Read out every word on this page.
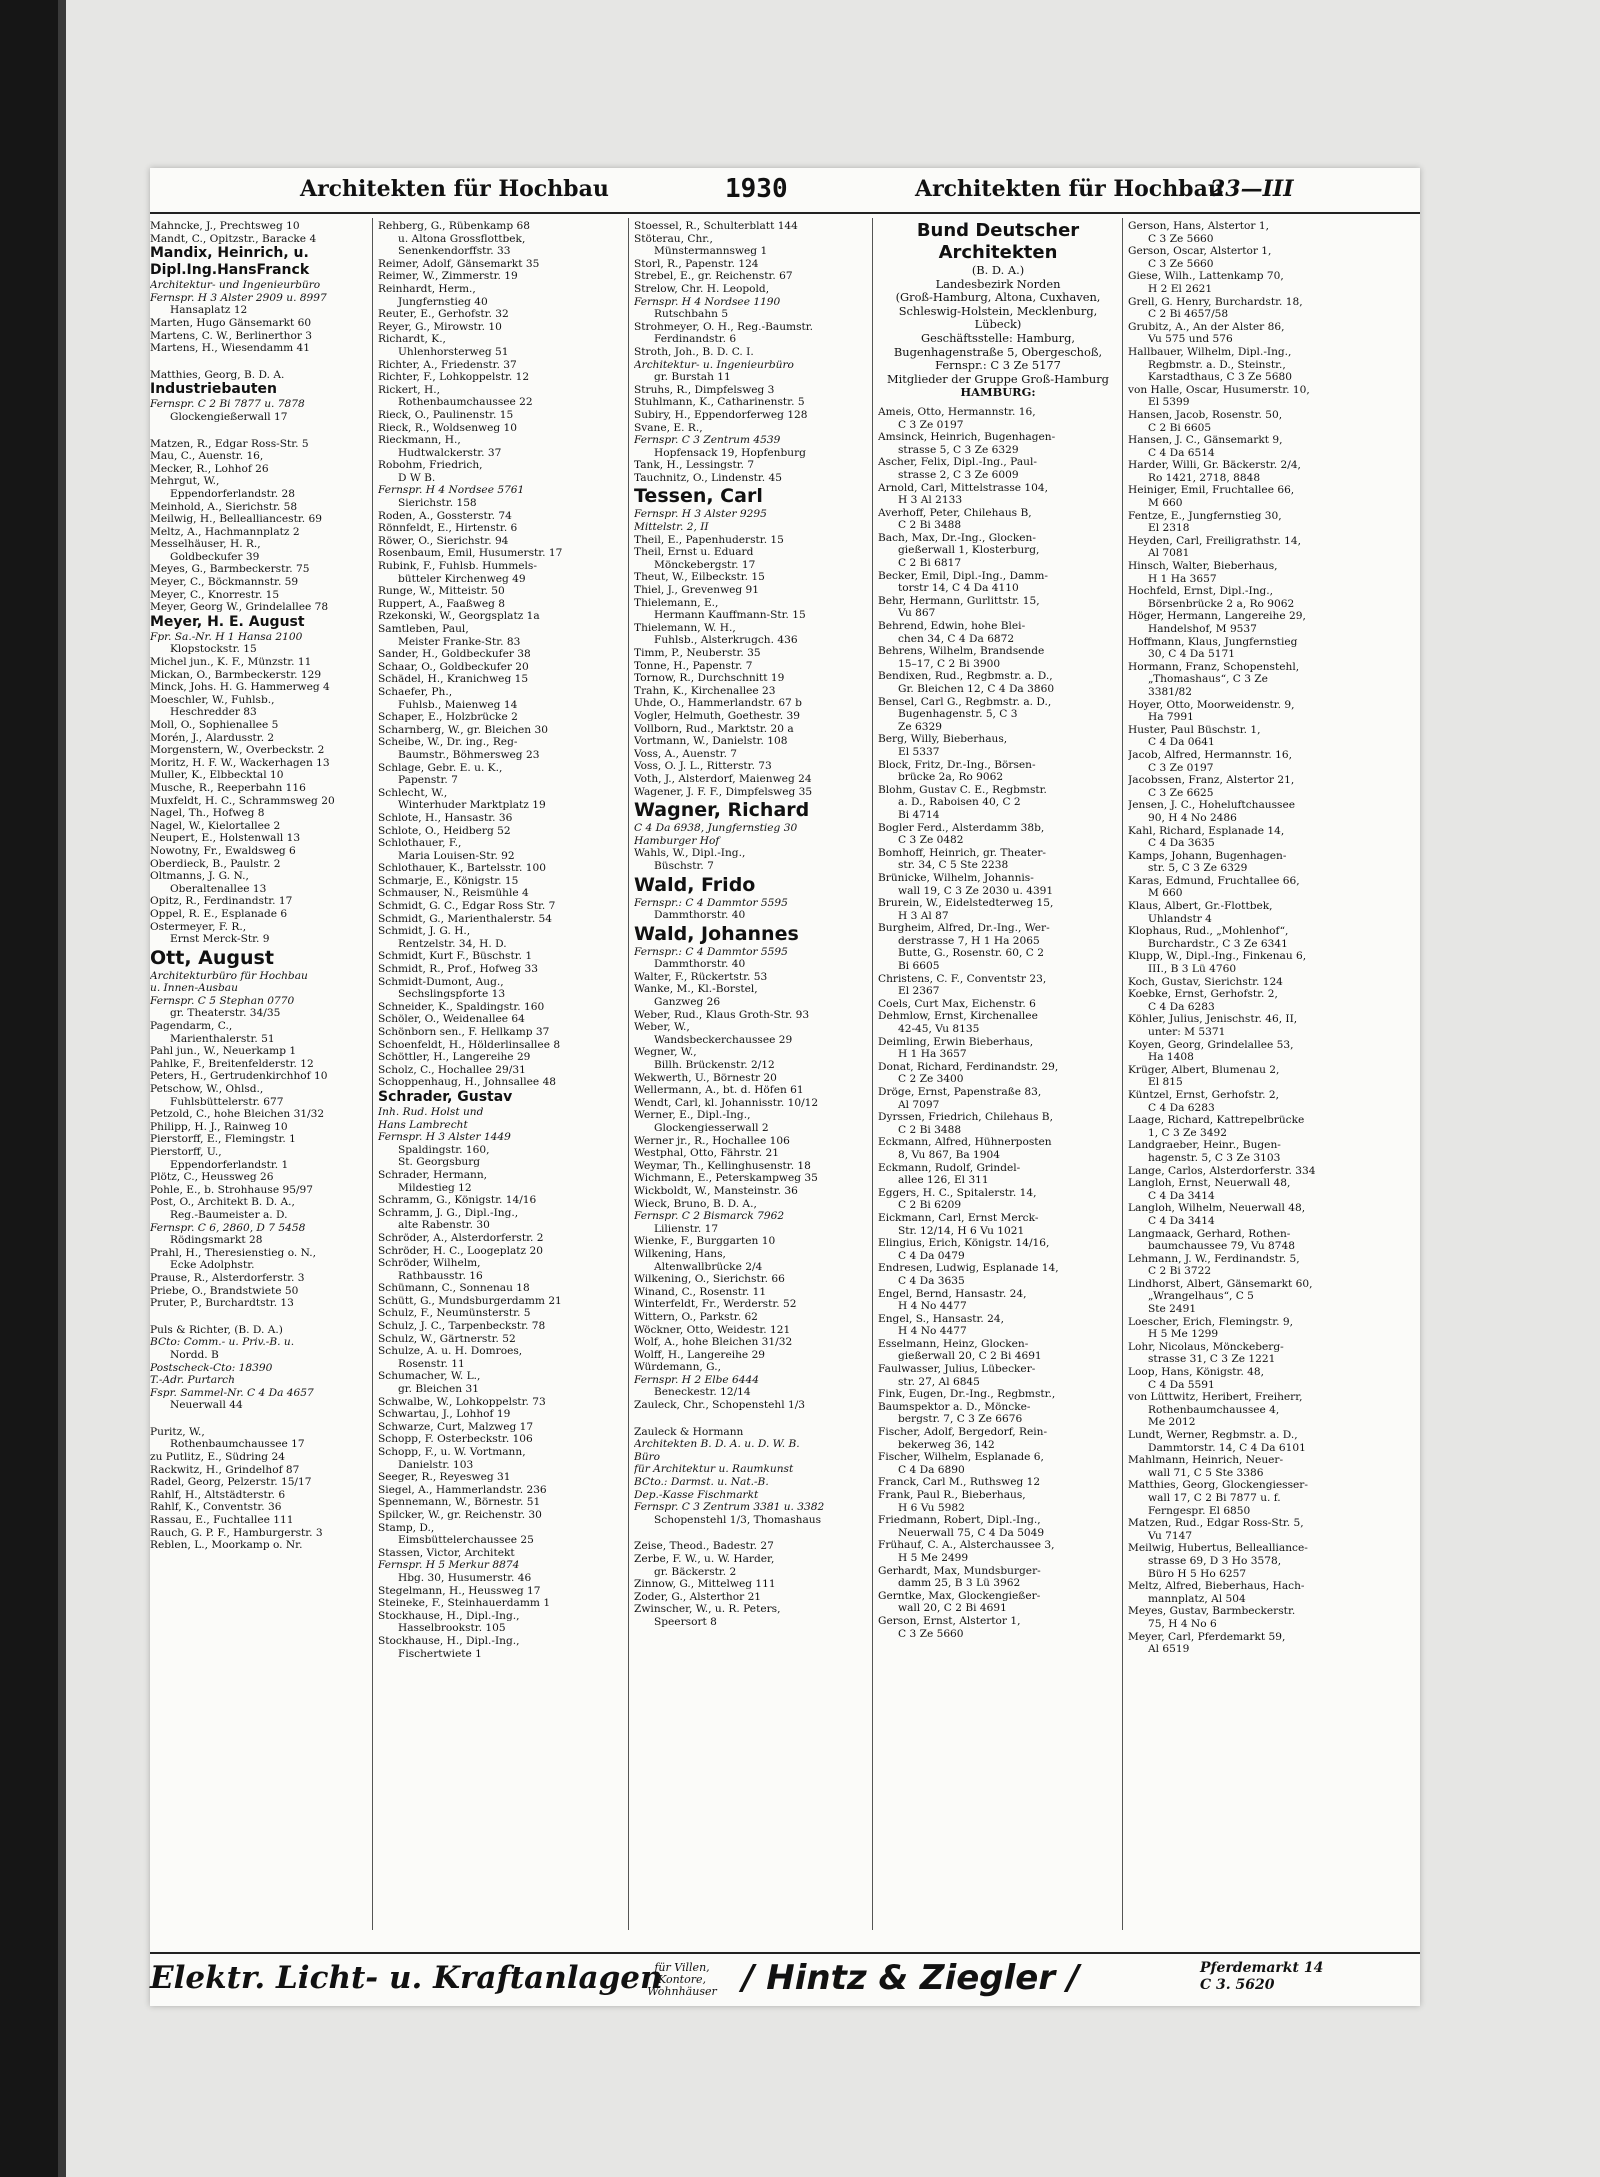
Architekten für Hochbau	1930	Architekten für Hochbau
23—III
Mahncke, J., Prechtsweg 10
Mandt, C., Opitzstr., Baracke 4
Mandix, Heinrich, u.
Dipl.Ing.HansFranck
Architektur- und Ingenieurbüro
Fernspr. H 3 Alster 2909 u. 8997
Hansaplatz 12
Marten, Hugo Gänsemarkt 60
Martens, C. W., Berlinerthor 3
Martens, H., Wiesendamm 41
Matthies, Georg, B. D. A.
Industriebauten
Fernspr. C 2 Bi 7877 u. 7878
Glockengießerwall 17
Matzen, R., Edgar Ross-Str. 5
Mau, C., Auenstr. 16,
Mecker, R., Lohhof 26
Mehrgut, W.,
Eppendorferlandstr. 28
Meinhold, A., Sierichstr. 58
Meilwig, H., Bellealliancestr. 69
Meltz, A., Hachmannplatz 2
Messelhäuser, H. R.,
Goldbeckufer 39
Meyes, G., Barmbeckerstr. 75
Meyer, C., Böckmannstr. 59
Meyer, C., Knorrestr. 15
Meyer, Georg W., Grindelallee 78
Meyer, H. E. August
Fpr. Sa.-Nr. H 1 Hansa 2100
Klopstockstr. 15
Michel jun., K. F., Münzstr. 11
Mickan, O., Barmbeckerstr. 129
Minck, Johs. H. G. Hammerweg 4
Moeschler, W., Fuhlsb.,
Heschredder 83
Moll, O., Sophienallee 5
Morén, J., Alardusstr. 2
Morgenstern, W., Overbeckstr. 2
Moritz, H. F. W., Wackerhagen 13
Muller, K., Elbbecktal 10
Musche, R., Reeperbahn 116
Muxfeldt, H. C., Schrammsweg 20
Nagel, Th., Hofweg 8
Nagel, W., Kielortallee 2
Neupert, E., Holstenwall 13
Nowotny, Fr., Ewaldsweg 6
Oberdieck, B., Paulstr. 2
Oltmanns, J. G. N.,
Oberaltenallee 13
Opitz, R., Ferdinandstr. 17
Oppel, R. E., Esplanade 6
Ostermeyer, F. R.,
Ernst Merck-Str. 9
Ott, August
Architekturbüro für Hochbau
u. Innen-Ausbau
Fernspr. C 5 Stephan 0770
gr. Theaterstr. 34/35
Pagendarm, C.,
Marienthalerstr. 51
Pahl jun., W., Neuerkamp 1
Pahlke, F., Breitenfelderstr. 12
Peters, H., Gertrudenkirchhof 10
Petschow, W., Ohlsd.,
Fuhlsbüttelerstr. 677
Petzold, C., hohe Bleichen 31/32
Philipp, H. J., Rainweg 10
Pierstorff, E., Flemingstr. 1
Pierstorff, U.,
Eppendorferlandstr. 1
Plötz, C., Heussweg 26
Pohle, E., b. Strohhause 95/97
Post, O., Architekt B. D. A.,
Reg.-Baumeister a. D.
Fernspr. C 6, 2860, D 7 5458
Rödingsmarkt 28
Prahl, H., Theresienstieg o. N.,
Ecke Adolphstr.
Prause, R., Alsterdorferstr. 3
Priebe, O., Brandstwiete 50
Pruter, P., Burchardtstr. 13
Puls & Richter, (B. D. A.)
BCto: Comm.- u. Priv.-B. u.
Nordd. B
Postscheck-Cto: 18390
T.-Adr. Purtarch
Fspr. Sammel-Nr. C 4 Da 4657
Neuerwall 44
Puritz, W.,
Rothenbaumchaussee 17
zu Putlitz, E., Südring 24
Rackwitz, H., Grindelhof 87
Radel, Georg, Pelzerstr. 15/17
Rahlf, H., Altstädterstr. 6
Rahlf, K., Conventstr. 36
Rassau, E., Fuchtallee 111
Rauch, G. P. F., Hamburgerstr. 3
Reblen, L., Moorkamp o. Nr.
Rehberg, G., Rübenkamp 68
u. Altona Grossflottbek,
Senenkendorffstr. 33
Reimer, Adolf, Gänsemarkt 35
Reimer, W., Zimmerstr. 19
Reinhardt, Herm.,
Jungfernstieg 40
Reuter, E., Gerhofstr. 32
Reyer, G., Mirowstr. 10
Richardt, K.,
Uhlenhorsterweg 51
Richter, A., Friedenstr. 37
Richter, F., Lohkoppelstr. 12
Rickert, H.,
Rothenbaumchaussee 22
Rieck, O., Paulinenstr. 15
Rieck, R., Woldsenweg 10
Rieckmann, H.,
Hudtwalckerstr. 37
Robohm, Friedrich,
D W B.
Fernspr. H 4 Nordsee 5761
Sierichstr. 158
Roden, A., Gossterstr. 74
Rönnfeldt, E., Hirtenstr. 6
Röwer, O., Sierichstr. 94
Rosenbaum, Emil, Husumerstr. 17
Rubink, F., Fuhlsb. Hummels-
bütteler Kirchenweg 49
Runge, W., Mitteistr. 50
Ruppert, A., Faaßweg 8
Rzekonski, W., Georgsplatz 1a
Samtleben, Paul,
Meister Franke-Str. 83
Sander, H., Goldbeckufer 38
Schaar, O., Goldbeckufer 20
Schädel, H., Kranichweg 15
Schaefer, Ph.,
Fuhlsb., Maienweg 14
Schaper, E., Holzbrücke 2
Scharnberg, W., gr. Bleichen 30
Scheibe, W., Dr. ing., Reg-
Baumstr., Böhmersweg 23
Schlage, Gebr. E. u. K.,
Papenstr. 7
Schlecht, W.,
Winterhuder Marktplatz 19
Schlote, H., Hansastr. 36
Schlote, O., Heidberg 52
Schlothauer, F.,
Maria Louisen-Str. 92
Schlothauer, K., Bartelsstr. 100
Schmarje, E., Königstr. 15
Schmauser, N., Reismühle 4
Schmidt, G. C., Edgar Ross Str. 7
Schmidt, G., Marienthalerstr. 54
Schmidt, J. G. H.,
Rentzelstr. 34, H. D.
Schmidt, Kurt F., Büschstr. 1
Schmidt, R., Prof., Hofweg 33
Schmidt-Dumont, Aug.,
Sechslingspforte 13
Schneider, K., Spaldingstr. 160
Schöler, O., Weidenallee 64
Schönborn sen., F. Hellkamp 37
Schoenfeldt, H., Hölderlinsallee 8
Schöttler, H., Langereihe 29
Scholz, C., Hochallee 29/31
Schoppenhaug, H., Johnsallee 48
Schrader, Gustav
Inh. Rud. Holst und
Hans Lambrecht
Fernspr. H 3 Alster 1449
Spaldingstr. 160,
St. Georgsburg
Schrader, Hermann,
Mildestieg 12
Schramm, G., Königstr. 14/16
Schramm, J. G., Dipl.-Ing.,
alte Rabenstr. 30
Schröder, A., Alsterdorferstr. 2
Schröder, H. C., Loogeplatz 20
Schröder, Wilhelm,
Rathbausstr. 16
Schümann, C., Sonnenau 18
Schütt, G., Mundsburgerdamm 21
Schulz, F., Neumünsterstr. 5
Schulz, J. C., Tarpenbeckstr. 78
Schulz, W., Gärtnerstr. 52
Schulze, A. u. H. Domroes,
Rosenstr. 11
Schumacher, W. L.,
gr. Bleichen 31
Schwalbe, W., Lohkoppelstr. 73
Schwartau, J., Lohhof 19
Schwarze, Curt, Malzweg 17
Schopp, F. Osterbeckstr. 106
Schopp, F., u. W. Vortmann,
Danielstr. 103
Seeger, R., Reyesweg 31
Siegel, A., Hammerlandstr. 236
Spennemann, W., Börnestr. 51
Spilcker, W., gr. Reichenstr. 30
Stamp, D.,
Eimsbüttelerchaussee 25
Stassen, Victor, Architekt
Fernspr. H 5 Merkur 8874
Hbg. 30, Husumerstr. 46
Stegelmann, H., Heussweg 17
Steineke, F., Steinhauerdamm 1
Stockhause, H., Dipl.-Ing.,
Hasselbrookstr. 105
Stockhause, H., Dipl.-Ing.,
Fischertwiete 1
Stoessel, R., Schulterblatt 144
Stöterau, Chr.,
Münstermannsweg 1
Storl, R., Papenstr. 124
Strebel, E., gr. Reichenstr. 67
Strelow, Chr. H. Leopold,
Fernspr. H 4 Nordsee 1190
Rutschbahn 5
Strohmeyer, O. H., Reg.-Baumstr.
Ferdinandstr. 6
Stroth, Joh., B. D. C. I.
Architektur- u. Ingenieurbüro
gr. Burstah 11
Struhs, R., Dimpfelsweg 3
Stuhlmann, K., Catharinenstr. 5
Subiry, H., Eppendorferweg 128
Svane, E. R.,
Fernspr. C 3 Zentrum 4539
Hopfensack 19, Hopfenburg
Tank, H., Lessingstr. 7
Tauchnitz, O., Lindenstr. 45
Tessen, Carl
Fernspr. H 3 Alster 9295
Mittelstr. 2, II
Theil, E., Papenhuderstr. 15
Theil, Ernst u. Eduard
Mönckebergstr. 17
Theut, W., Eilbeckstr. 15
Thiel, J., Grevenweg 91
Thielemann, E.,
Hermann Kauffmann-Str. 15
Thielemann, W. H.,
Fuhlsb., Alsterkrugch. 436
Timm, P., Neuberstr. 35
Tonne, H., Papenstr. 7
Tornow, R., Durchschnitt 19
Trahn, K., Kirchenallee 23
Uhde, O., Hammerlandstr. 67 b
Vogler, Helmuth, Goethestr. 39
Vollborn, Rud., Marktstr. 20 a
Vortmann, W., Danielstr. 108
Voss, A., Auenstr. 7
Voss, O. J. L., Ritterstr. 73
Voth, J., Alsterdorf, Maienweg 24
Wagener, J. F. F., Dimpfelsweg 35
Wagner, Richard
C 4 Da 6938, Jungfernstieg 30
Hamburger Hof
Wahls, W., Dipl.-Ing.,
Büschstr. 7
Wald, Frido
Fernspr.: C 4 Dammtor 5595
Dammthorstr. 40
Wald, Johannes
Fernspr.: C 4 Dammtor 5595
Dammthorstr. 40
Walter, F., Rückertstr. 53
Wanke, M., Kl.-Borstel,
Ganzweg 26
Weber, Rud., Klaus Groth-Str. 93
Weber, W.,
Wandsbeckerchaussee 29
Wegner, W.,
Billh. Brückenstr. 2/12
Wekwerth, U., Börnestr 20
Wellermann, A., bt. d. Höfen 61
Wendt, Carl, kl. Johannisstr. 10/12
Werner, E., Dipl.-Ing.,
Glockengiesserwall 2
Werner jr., R., Hochallee 106
Westphal, Otto, Fährstr. 21
Weymar, Th., Kellinghusenstr. 18
Wichmann, E., Peterskampweg 35
Wickboldt, W., Mansteinstr. 36
Wieck, Bruno, B. D. A.,
Fernspr. C 2 Bismarck 7962
Lilienstr. 17
Wienke, F., Burggarten 10
Wilkening, Hans,
Altenwallbrücke 2/4
Wilkening, O., Sierichstr. 66
Winand, C., Rosenstr. 11
Winterfeldt, Fr., Werderstr. 52
Wittern, O., Parkstr. 62
Wöckner, Otto, Weidestr. 121
Wolf, A., hohe Bleichen 31/32
Wolff, H., Langereihe 29
Würdemann, G.,
Fernspr. H 2 Elbe 6444
Beneckestr. 12/14
Zauleck, Chr., Schopenstehl 1/3
Zauleck & Hormann
Architekten B. D. A. u. D. W. B.
Büro
für Architektur u. Raumkunst
BCto.: Darmst. u. Nat.-B.
Dep.-Kasse Fischmarkt
Fernspr. C 3 Zentrum 3381 u. 3382
Schopenstehl 1/3, Thomashaus
Zeise, Theod., Badestr. 27
Zerbe, F. W., u. W. Harder,
gr. Bäckerstr. 2
Zinnow, G., Mittelweg 111
Zoder, G., Alsterthor 21
Zwinscher, W., u. R. Peters,
Speersort 8
Bund Deutscher Architekten
(B. D. A.)
Landesbezirk Norden
(Groß-Hamburg, Altona, Cuxhaven, Schleswig-Holstein, Mecklenburg, Lübeck)
Geschäftsstelle: Hamburg, Bugenhagenstraße 5, Obergeschoß,
Fernspr.: C 3 Ze 5177
Mitglieder der Gruppe Groß-Hamburg
HAMBURG:
Ameis, Otto, Hermannstr. 16,
C 3 Ze 0197
Amsinck, Heinrich, Bugenhagen-
strasse 5, C 3 Ze 6329
Ascher, Felix, Dipl.-Ing., Paul-
strasse 2, C 3 Ze 6009
Arnold, Carl, Mittelstrasse 104,
H 3 Al 2133
Averhoff, Peter, Chilehaus B,
C 2 Bi 3488
Bach, Max, Dr.-Ing., Glocken-
gießerwall 1, Klosterburg,
C 2 Bi 6817
Becker, Emil, Dipl.-Ing., Damm-
torstr 14, C 4 Da 4110
Behr, Hermann, Gurlittstr. 15,
Vu 867
Behrend, Edwin, hohe Blei-
chen 34, C 4 Da 6872
Behrens, Wilhelm, Brandsende
15–17, C 2 Bi 3900
Bendixen, Rud., Regbmstr. a. D.,
Gr. Bleichen 12, C 4 Da 3860
Bensel, Carl G., Regbmstr. a. D.,
Bugenhagenstr. 5, C 3
Ze 6329
Berg, Willy, Bieberhaus,
El 5337
Block, Fritz, Dr.-Ing., Börsen-
brücke 2a, Ro 9062
Blohm, Gustav C. E., Regbmstr.
a. D., Raboisen 40, C 2
Bi 4714
Bogler Ferd., Alsterdamm 38b,
C 3 Ze 0482
Bomhoff, Heinrich, gr. Theater-
str. 34, C 5 Ste 2238
Brünicke, Wilhelm, Johannis-
wall 19, C 3 Ze 2030 u. 4391
Brurein, W., Eidelstedterweg 15,
H 3 Al 87
Burgheim, Alfred, Dr.-Ing., Wer-
derstrasse 7, H 1 Ha 2065
Butte, G., Rosenstr. 60, C 2
Bi 6605
Christens, C. F., Conventstr 23,
El 2367
Coels, Curt Max, Eichenstr. 6
Dehmlow, Ernst, Kirchenallee
42-45, Vu 8135
Deimling, Erwin Bieberhaus,
H 1 Ha 3657
Donat, Richard, Ferdinandstr. 29,
C 2 Ze 3400
Dröge, Ernst, Papenstraße 83,
Al 7097
Dyrssen, Friedrich, Chilehaus B,
C 2 Bi 3488
Eckmann, Alfred, Hühnerposten
8, Vu 867, Ba 1904
Eckmann, Rudolf, Grindel-
allee 126, El 311
Eggers, H. C., Spitalerstr. 14,
C 2 Bi 6209
Eickmann, Carl, Ernst Merck-
Str. 12/14, H 6 Vu 1021
Elingius, Erich, Königstr. 14/16,
C 4 Da 0479
Endresen, Ludwig, Esplanade 14,
C 4 Da 3635
Engel, Bernd, Hansastr. 24,
H 4 No 4477
Engel, S., Hansastr. 24,
H 4 No 4477
Esselmann, Heinz, Glocken-
gießerwall 20, C 2 Bi 4691
Faulwasser, Julius, Lübecker-
str. 27, Al 6845
Fink, Eugen, Dr.-Ing., Regbmstr.,
Baumspektor a. D., Möncke-
bergstr. 7, C 3 Ze 6676
Fischer, Adolf, Bergedorf, Rein-
bekerweg 36, 142
Fischer, Wilhelm, Esplanade 6,
C 4 Da 6890
Franck, Carl M., Ruthsweg 12
Frank, Paul R., Bieberhaus,
H 6 Vu 5982
Friedmann, Robert, Dipl.-Ing.,
Neuerwall 75, C 4 Da 5049
Frühauf, C. A., Alsterchaussee 3,
H 5 Me 2499
Gerhardt, Max, Mundsburger-
damm 25, B 3 Lü 3962
Gerntke, Max, Glockengießer-
wall 20, C 2 Bi 4691
Gerson, Ernst, Alstertor 1,
C 3 Ze 5660
Gerson, Hans, Alstertor 1,
C 3 Ze 5660
Gerson, Oscar, Alstertor 1,
C 3 Ze 5660
Giese, Wilh., Lattenkamp 70,
H 2 El 2621
Grell, G. Henry, Burchardstr. 18,
C 2 Bi 4657/58
Grubitz, A., An der Alster 86,
Vu 575 und 576
Hallbauer, Wilhelm, Dipl.-Ing.,
Regbmstr. a. D., Steinstr.,
Karstadthaus, C 3 Ze 5680
von Halle, Oscar, Husumerstr. 10,
El 5399
Hansen, Jacob, Rosenstr. 50,
C 2 Bi 6605
Hansen, J. C., Gänsemarkt 9,
C 4 Da 6514
Harder, Willi, Gr. Bäckerstr. 2/4,
Ro 1421, 2718, 8848
Heiniger, Emil, Fruchtallee 66,
M 660
Fentze, E., Jungfernstieg 30,
El 2318
Heyden, Carl, Freiligrathstr. 14,
Al 7081
Hinsch, Walter, Bieberhaus,
H 1 Ha 3657
Hochfeld, Ernst, Dipl.-Ing.,
Börsenbrücke 2 a, Ro 9062
Höger, Hermann, Langereihe 29,
Handelshof, M 9537
Hoffmann, Klaus, Jungfernstieg
30, C 4 Da 5171
Hormann, Franz, Schopenstehl,
„Thomashaus“, C 3 Ze
3381/82
Hoyer, Otto, Moorweidenstr. 9,
Ha 7991
Huster, Paul Büschstr. 1,
C 4 Da 0641
Jacob, Alfred, Hermannstr. 16,
C 3 Ze 0197
Jacobssen, Franz, Alstertor 21,
C 3 Ze 6625
Jensen, J. C., Hoheluftchaussee
90, H 4 No 2486
Kahl, Richard, Esplanade 14,
C 4 Da 3635
Kamps, Johann, Bugenhagen-
str. 5, C 3 Ze 6329
Karas, Edmund, Fruchtallee 66,
M 660
Klaus, Albert, Gr.-Flottbek,
Uhlandstr 4
Klophaus, Rud., „Mohlenhof“,
Burchardstr., C 3 Ze 6341
Klupp, W., Dipl.-Ing., Finkenau 6,
III., B 3 Lü 4760
Koch, Gustav, Sierichstr. 124
Koebke, Ernst, Gerhofstr. 2,
C 4 Da 6283
Köhler, Julius, Jenischstr. 46, II,
unter: M 5371
Koyen, Georg, Grindelallee 53,
Ha 1408
Krüger, Albert, Blumenau 2,
El 815
Küntzel, Ernst, Gerhofstr. 2,
C 4 Da 6283
Laage, Richard, Kattrepelbrücke
1, C 3 Ze 3492
Landgraeber, Heinr., Bugen-
hagenstr. 5, C 3 Ze 3103
Lange, Carlos, Alsterdorferstr. 334
Langloh, Ernst, Neuerwall 48,
C 4 Da 3414
Langloh, Wilhelm, Neuerwall 48,
C 4 Da 3414
Langmaack, Gerhard, Rothen-
baumchaussee 79, Vu 8748
Lehmann, J. W., Ferdinandstr. 5,
C 2 Bi 3722
Lindhorst, Albert, Gänsemarkt 60,
„Wrangelhaus“, C 5
Ste 2491
Loescher, Erich, Flemingstr. 9,
H 5 Me 1299
Lohr, Nicolaus, Mönckeberg-
strasse 31, C 3 Ze 1221
Loop, Hans, Königstr. 48,
C 4 Da 5591
von Lüttwitz, Heribert, Freiherr,
Rothenbaumchaussee 4,
Me 2012
Lundt, Werner, Regbmstr. a. D.,
Dammtorstr. 14, C 4 Da 6101
Mahlmann, Heinrich, Neuer-
wall 71, C 5 Ste 3386
Matthies, Georg, Glockengiesser-
wall 17, C 2 Bi 7877 u. f.
Ferngespr. El 6850
Matzen, Rud., Edgar Ross-Str. 5,
Vu 7147
Meilwig, Hubertus, Bellealliance-
strasse 69, D 3 Ho 3578,
Büro H 5 Ho 6257
Meltz, Alfred, Bieberhaus, Hach-
mannplatz, Al 504
Meyes, Gustav, Barmbeckerstr.
75, H 4 No 6
Meyer, Carl, Pferdemarkt 59,
Al 6519
Elektr. Licht- u. Kraftanlagen
für Villen, Kontore, Wohnhäuser / Hintz & Ziegler /	Pferdemarkt 14
C 3. 5620
